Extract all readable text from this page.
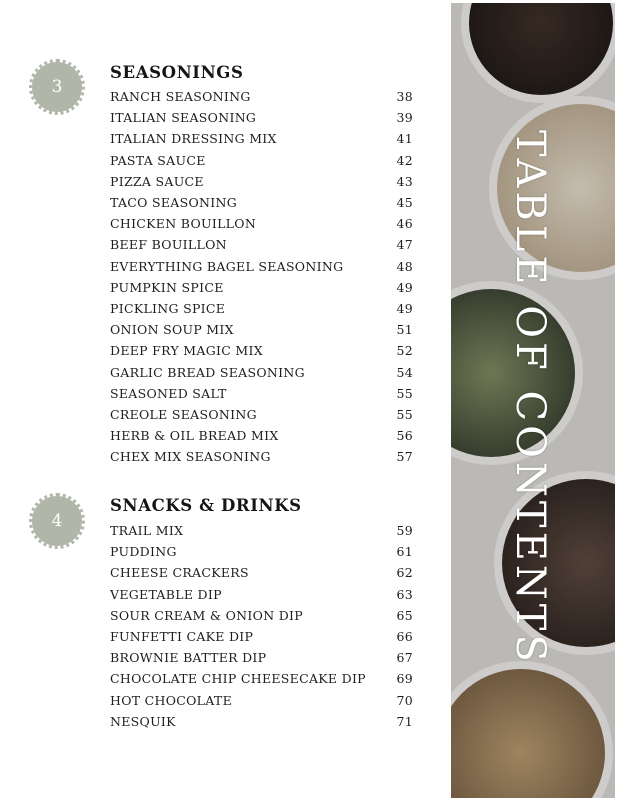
3
SEASONINGS
RANCH SEASONING	38
ITALIAN SEASONING	39
ITALIAN DRESSING MIX	41
PASTA SAUCE	42
PIZZA SAUCE	43
TACO SEASONING	45
CHICKEN BOUILLON	46
BEEF BOUILLON	47
EVERYTHING BAGEL SEASONING	48
PUMPKIN SPICE	49
PICKLING SPICE	49
ONION SOUP MIX	51
DEEP FRY MAGIC MIX	52
GARLIC BREAD SEASONING	54
SEASONED SALT	55
CREOLE SEASONING	55
HERB & OIL BREAD MIX	56
CHEX MIX SEASONING	57
4
SNACKS & DRINKS
TRAIL MIX	59
PUDDING	61
CHEESE CRACKERS	62
VEGETABLE DIP	63
SOUR CREAM & ONION DIP	65
FUNFETTI CAKE DIP	66
BROWNIE BATTER DIP	67
CHOCOLATE CHIP CHEESECAKE DIP 69
HOT CHOCOLATE	70
NESQUIK	71
TABLE OF CONTENTS
